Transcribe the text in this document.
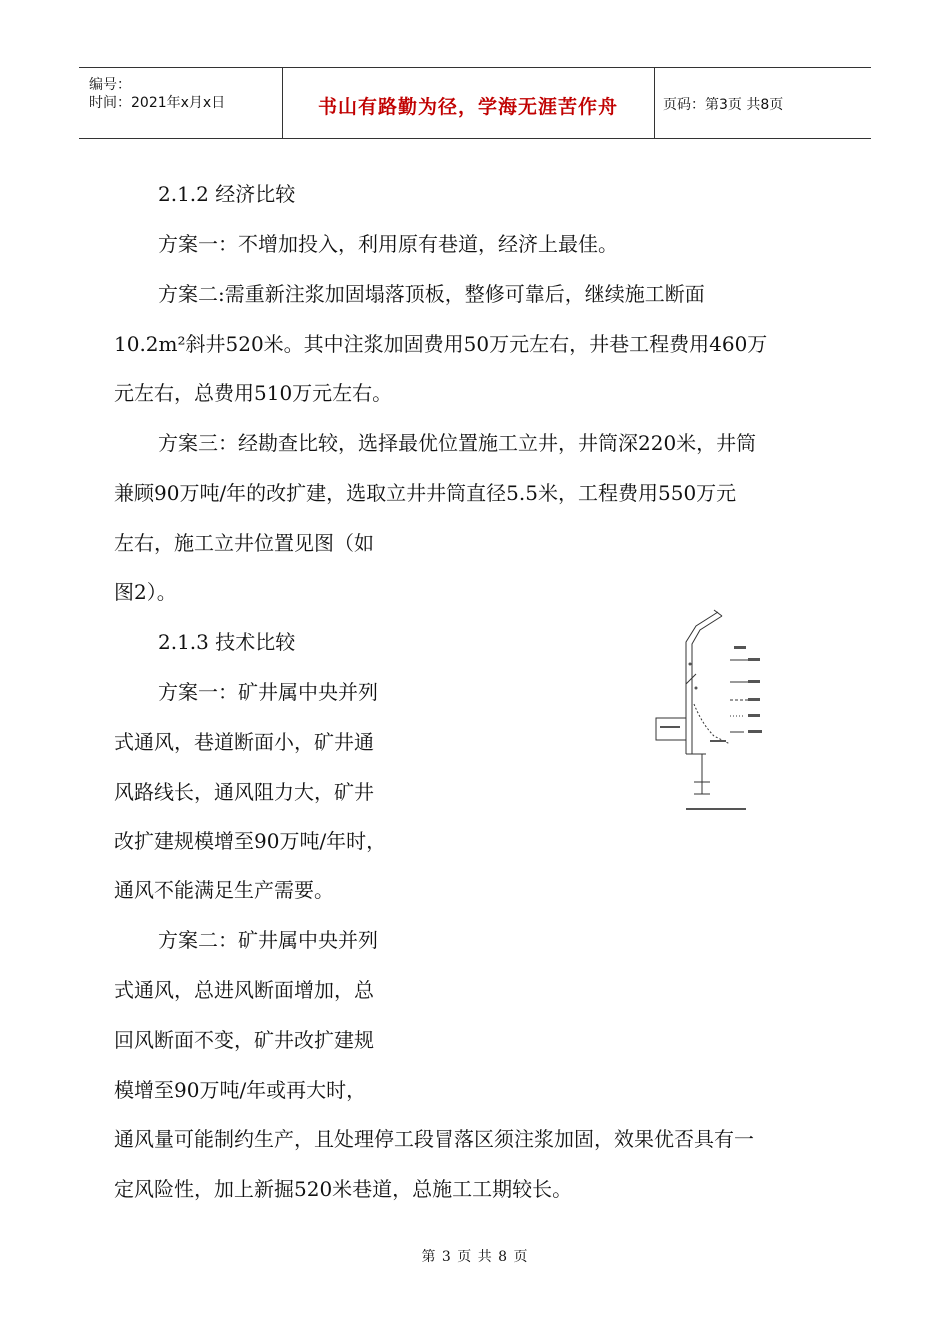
编号：
时间：2021年x月x日	书山有路勤为径，学海无涯苦作舟	页码：第3页 共8页
2.1.2 经济比较
方案一：不增加投入，利用原有巷道，经济上最佳。
方案二:需重新注浆加固塌落顶板，整修可靠后，继续施工断面
10.2m²斜井520米。其中注浆加固费用50万元左右，井巷工程费用460万
元左右，总费用510万元左右。
方案三：经勘查比较，选择最优位置施工立井，井筒深220米，井筒
兼顾90万吨/年的改扩建，选取立井井筒直径5.5米，工程费用550万元
左右，施工立井位置见图（如
图2）。
2.1.3 技术比较
方案一：矿井属中央并列
式通风，巷道断面小，矿井通
风路线长，通风阻力大，矿井
改扩建规模增至90万吨/年时，
通风不能满足生产需要。
方案二：矿井属中央并列
式通风，总进风断面增加，总
回风断面不变，矿井改扩建规
模增至90万吨/年或再大时，
通风量可能制约生产，且处理停工段冒落区须注浆加固，效果优否具有一
定风险性，加上新掘520米巷道，总施工工期较长。
第 3 页 共 8 页
